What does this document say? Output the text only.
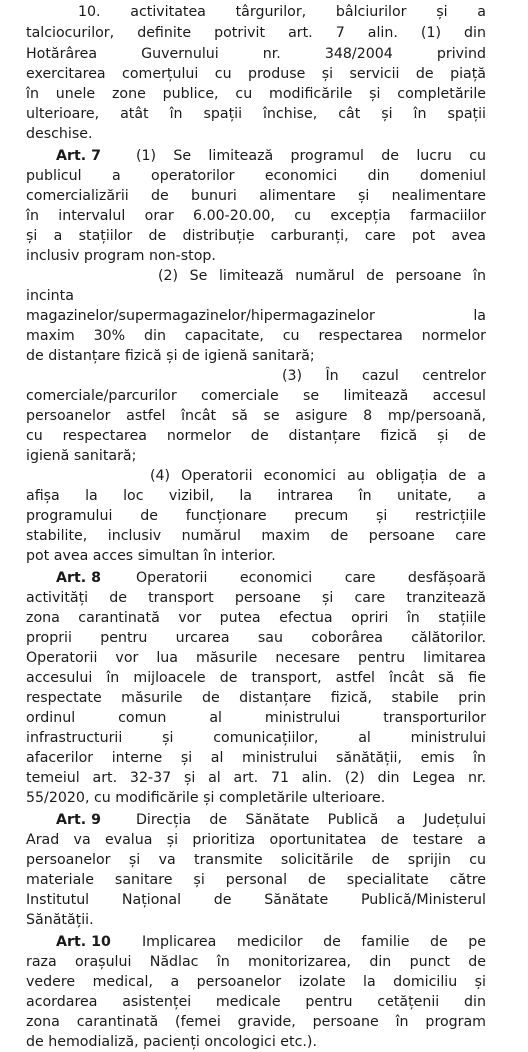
10. activitatea târgurilor, bâlciurilor și a
talciocurilor, definite potrivit art. 7 alin. (1) din
Hotărârea Guvernului nr. 348/2004 privind
exercitarea comerțului cu produse și servicii de piață
în unele zone publice, cu modificările și completările
ulterioare, atât în spații închise, cât și în spații
deschise.
Art. 7 (1) Se limitează programul de lucru cu
publicul a operatorilor economici din domeniul
comercializării de bunuri alimentare și nealimentare
în intervalul orar 6.00-20.00, cu excepția farmaciilor
și a stațiilor de distribuție carburanți, care pot avea
inclusiv program non-stop.
(2) Se limitează numărul de persoane în
incinta
magazinelor/supermagazinelor/hipermagazinelor la
maxim 30% din capacitate, cu respectarea normelor
de distanțare fizică și de igienă sanitară;
(3) În cazul centrelor
comerciale/parcurilor comerciale se limitează accesul
persoanelor astfel încât să se asigure 8 mp/persoană,
cu respectarea normelor de distanțare fizică și de
igienă sanitară;
(4) Operatorii economici au obligația de a
afișa la loc vizibil, la intrarea în unitate, a
programului de funcționare precum și restricțiile
stabilite, inclusiv numărul maxim de persoane care
pot avea acces simultan în interior.
Art. 8 Operatorii economici care desfășoară
activități de transport persoane și care tranzitează
zona carantinată vor putea efectua opriri în stațiile
proprii pentru urcarea sau coborârea călătorilor.
Operatorii vor lua măsurile necesare pentru limitarea
accesului în mijloacele de transport, astfel încât să fie
respectate măsurile de distanțare fizică, stabile prin
ordinul comun al ministrului transporturilor
infrastructurii și comunicațiilor, al ministrului
afacerilor interne și al ministrului sănătății, emis în
temeiul art. 32-37 și al art. 71 alin. (2) din Legea nr.
55/2020, cu modificările și completările ulterioare.
Art. 9 Direcția de Sănătate Publică a Județului
Arad va evalua și prioritiza oportunitatea de testare a
persoanelor și va transmite solicitările de sprijin cu
materiale sanitare și personal de specialitate către
Institutul Național de Sănătate Publică/Ministerul
Sănătății.
Art. 10 Implicarea medicilor de familie de pe
raza orașului Nădlac în monitorizarea, din punct de
vedere medical, a persoanelor izolate la domiciliu și
acordarea asistenței medicale pentru cetățenii din
zona carantinată (femei gravide, persoane în program
de hemodializă, pacienți oncologici etc.).
